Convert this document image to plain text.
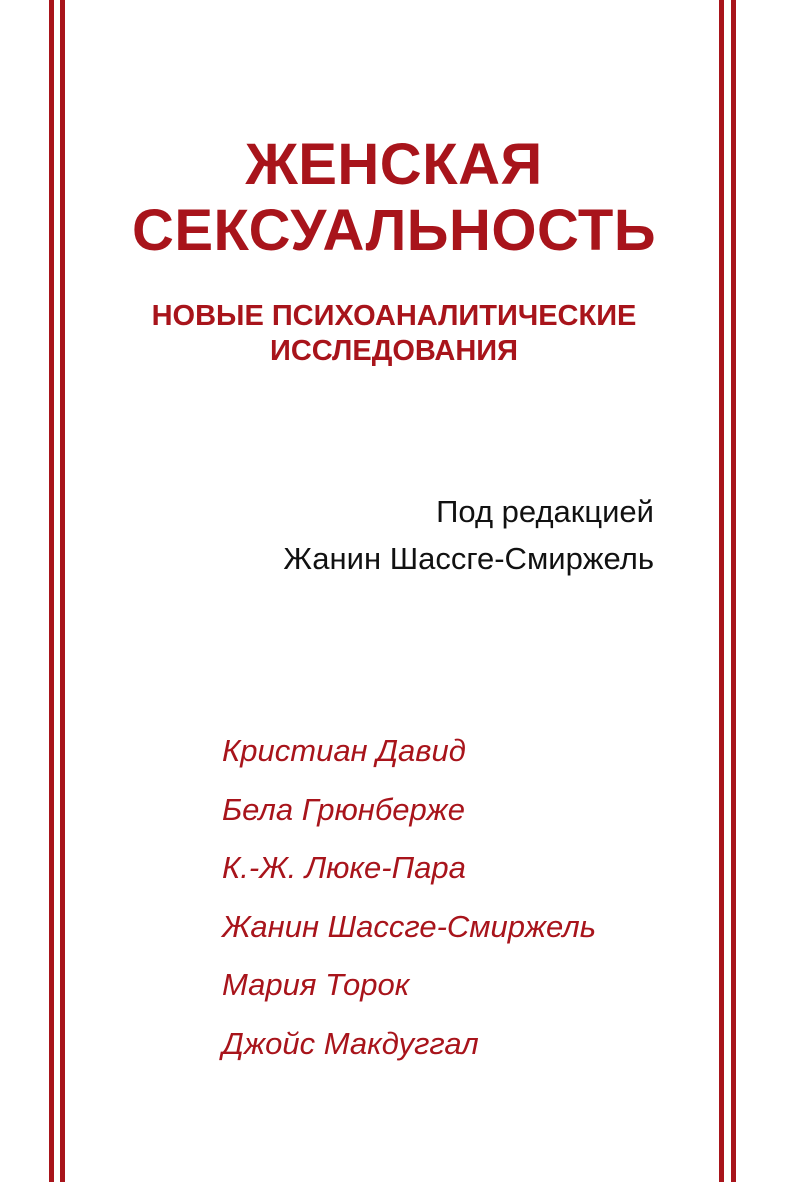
ЖЕНСКАЯ
СЕКСУАЛЬНОСТЬ
НОВЫЕ ПСИХОАНАЛИТИЧЕСКИЕ
ИССЛЕДОВАНИЯ
Под редакцией
Жанин Шассге-Смиржель
Кристиан Давид
Бела Грюнберже
К.-Ж. Люке-Пара
Жанин Шассге-Смиржель
Мария Торок
Джойс Макдуггал
